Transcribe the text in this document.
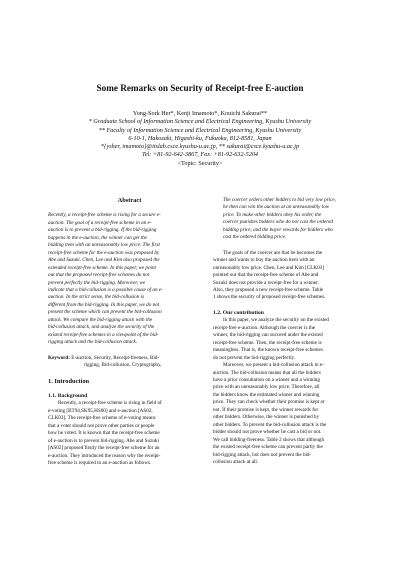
Some Remarks on Security of Receipt-free E-auction
Yong-Sork Her*, Kenji Imamoto*, Kouichi Sakurai**
* Graduate School of Information Science and Electrical Engineering, Kyushu University
** Faculty of Information Science and Electrical Engineering, Kyushu University
6-10-1, Hakozaki, Higashi-ku, Fukuoka, 812-8581, Japan
*{ysher, imamoto}@itslab.csce.kyushu-u.ac.jp, ** sakurai@csce.kyushu-u.ac.jp
Tel: +81-92-642-3867, Fax: +81-92-632-5204
<Topic: Security>
Abstract
Recently, a receipt-free scheme is rising for a secure e-
auction. The goal of a receipt-free scheme in an e-
auction is to prevent a bid-rigging. If the bid-rigging
happens in the e-auction, the winner can get the
bidding item with an unreasonably low price. The first
receipt-free scheme for the e-auction was proposed by
Abe and Suzuki. Chen, Lee and Kim also proposed the
extended receipt-free scheme. In this paper, we point
out that the proposed receipt-free schemes do not
prevent perfectly the bid-rigging. Moreover, we
indicate that a bid-collusion is a possible cause of an e-
auction. In the strict sense, the bid-collusion is
different from the bid-rigging. In this paper, we do not
present the scheme which can prevent the bid-collusion
attack. We compare the bid-rigging attack with the
bid-collusion attack, and analyze the security of the
existed receipt-free schemes in a viewpoint of the bid-
rigging attack and the bid-collusion attack.
Keyword: E-auction, Security, Receipt-freeness, Bid-
rigging, Bid-collusion, Cryptography,
1. Introduction
1.1. Background
Recently, a receipt-free scheme is rising in field of
e-voting [BT94,SK95,HS00] and e-auction [AS02,
CLK03]. The receipt-free scheme of e-voting means
that a voter should not prove other parties or people
how he voted. It is known that the receipt-free scheme
of e-auction is to prevent bid-rigging. Abe and Suzuki
[AS02] proposed firstly the receipt-free scheme for an
e-auction. They introduced the reason why the receipt-
free scheme is required in an e-auction as follows.
The coercer orders other bidders to bid very low price,
he then can win the auction at an unreasonably low
price. To make other bidders obey his order, the
coercer punishes bidders who do not cast the ordered
bidding price, and the buyer rewards for bidders who
cast the ordered bidding price.
The goals of the coercer are that he becomes the
winner and wants to buy the auction item with an
unreasonably low price. Chen, Lee and Kim [CLK03]
pointed out that the receipt-free scheme of Abe and
Suzuki does not provide a receipt-free for a winner.
Also, they proposed a new receipt-free scheme. Table
1 shows the security of proposed receipt-free schemes.
1.2. Our contribution
In this paper, we analyze the security on the existed
receipt-free e-auction. Although the coercer is the
winner, the bid-rigging can succeed under the existed
receipt-free scheme. Then, the receipt-free scheme is
meaningless. That is, the known receipt-free schemes
do not prevent the bid-rigging perfectly.
Moreover, we present a bid-collusion attack in e-
auction. The bid-collusion means that all the bidders
have a prior consultation on a winner and a winning
price with an unreasonably low price. Therefore, all
the bidders know the estimated winner and winning
price. They can check whether their promise is kept or
not. If their promise is kept, the winner rewards for
other bidders. Otherwise, the winner is punished by
other bidders. To prevent the bid-collusion attack is the
bidder should not prove whether he cast a bid or not.
We call bidding-freeness. Table 2 shows that although
the existed receipt-free scheme can prevent partly the
bid-rigging attack, but does not prevent the bid-
collusion attack at all.
